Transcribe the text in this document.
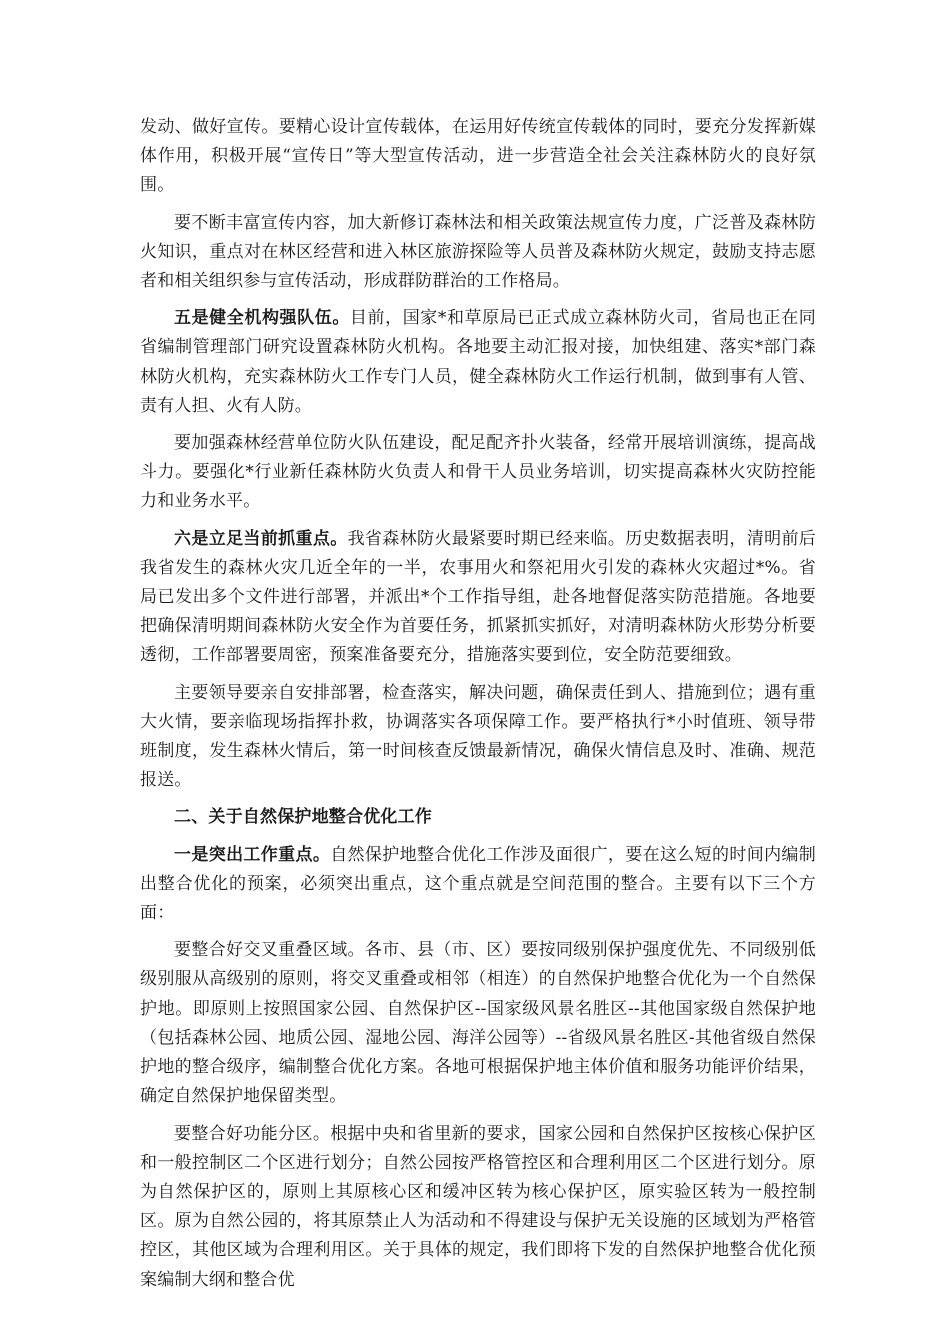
发动、做好宣传。要精心设计宣传载体，在运用好传统宣传载体的同时，要充分发挥新媒体作用，积极开展“宣传日”等大型宣传活动，进一步营造全社会关注森林防火的良好氛围。

要不断丰富宣传内容，加大新修订森林法和相关政策法规宣传力度，广泛普及森林防火知识，重点对在林区经营和进入林区旅游探险等人员普及森林防火规定，鼓励支持志愿者和相关组织参与宣传活动，形成群防群治的工作格局。

五是健全机构强队伍。目前，国家*和草原局已正式成立森林防火司，省局也正在同省编制管理部门研究设置森林防火机构。各地要主动汇报对接，加快组建、落实*部门森林防火机构，充实森林防火工作专门人员，健全森林防火工作运行机制，做到事有人管、责有人担、火有人防。

要加强森林经营单位防火队伍建设，配足配齐扑火装备，经常开展培训演练，提高战斗力。要强化*行业新任森林防火负责人和骨干人员业务培训，切实提高森林火灾防控能力和业务水平。

六是立足当前抓重点。我省森林防火最紧要时期已经来临。历史数据表明，清明前后我省发生的森林火灾几近全年的一半，农事用火和祭祀用火引发的森林火灾超过*%。省局已发出多个文件进行部署，并派出*个工作指导组，赴各地督促落实防范措施。各地要把确保清明期间森林防火安全作为首要任务，抓紧抓实抓好，对清明森林防火形势分析要透彻，工作部署要周密，预案准备要充分，措施落实要到位，安全防范要细致。

主要领导要亲自安排部署，检查落实，解决问题，确保责任到人、措施到位；遇有重大火情，要亲临现场指挥扑救，协调落实各项保障工作。要严格执行*小时值班、领导带班制度，发生森林火情后，第一时间核查反馈最新情况，确保火情信息及时、准确、规范报送。

二、关于自然保护地整合优化工作

一是突出工作重点。自然保护地整合优化工作涉及面很广，要在这么短的时间内编制出整合优化的预案，必须突出重点，这个重点就是空间范围的整合。主要有以下三个方面：

要整合好交叉重叠区域。各市、县（市、区）要按同级别保护强度优先、不同级别低级别服从高级别的原则，将交叉重叠或相邻（相连）的自然保护地整合优化为一个自然保护地。即原则上按照国家公园、自然保护区--国家级风景名胜区--其他国家级自然保护地（包括森林公园、地质公园、湿地公园、海洋公园等）--省级风景名胜区-其他省级自然保护地的整合级序，编制整合优化方案。各地可根据保护地主体价值和服务功能评价结果，确定自然保护地保留类型。

要整合好功能分区。根据中央和省里新的要求，国家公园和自然保护区按核心保护区和一般控制区二个区进行划分；自然公园按严格管控区和合理利用区二个区进行划分。原为自然保护区的，原则上其原核心区和缓冲区转为核心保护区，原实验区转为一般控制区。原为自然公园的，将其原禁止人为活动和不得建设与保护无关设施的区域划为严格管控区，其他区域为合理利用区。关于具体的规定，我们即将下发的自然保护地整合优化预案编制大纲和整合优
